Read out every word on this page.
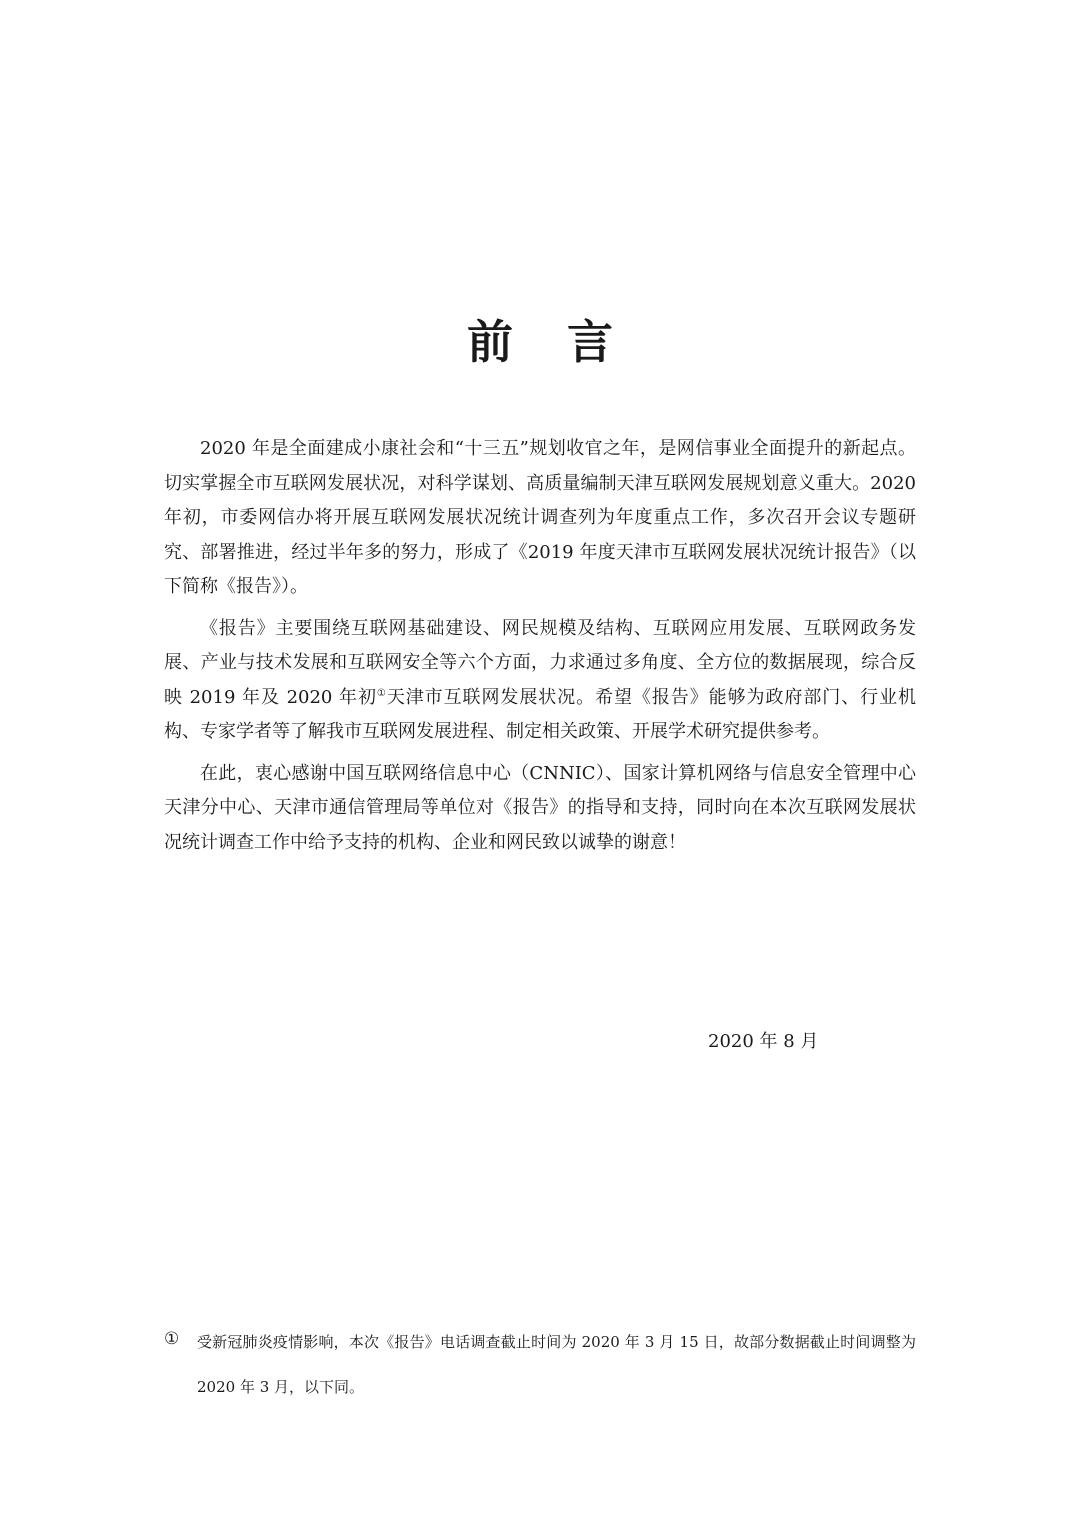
前 言

2020 年是全面建成小康社会和“十三五”规划收官之年，是网信事业全面提升的新起点。切实掌握全市互联网发展状况，对科学谋划、高质量编制天津互联网发展规划意义重大。2020 年初，市委网信办将开展互联网发展状况统计调查列为年度重点工作，多次召开会议专题研究、部署推进，经过半年多的努力，形成了《2019 年度天津市互联网发展状况统计报告》（以下简称《报告》）。

《报告》主要围绕互联网基础建设、网民规模及结构、互联网应用发展、互联网政务发展、产业与技术发展和互联网安全等六个方面，力求通过多角度、全方位的数据展现，综合反映 2019 年及 2020 年初①天津市互联网发展状况。希望《报告》能够为政府部门、行业机构、专家学者等了解我市互联网发展进程、制定相关政策、开展学术研究提供参考。

在此，衷心感谢中国互联网络信息中心（CNNIC）、国家计算机网络与信息安全管理中心天津分中心、天津市通信管理局等单位对《报告》的指导和支持，同时向在本次互联网发展状况统计调查工作中给予支持的机构、企业和网民致以诚挚的谢意！

2020 年 8 月
① 受新冠肺炎疫情影响，本次《报告》电话调查截止时间为 2020 年 3 月 15 日，故部分数据截止时间调整为 2020 年 3 月，以下同。
